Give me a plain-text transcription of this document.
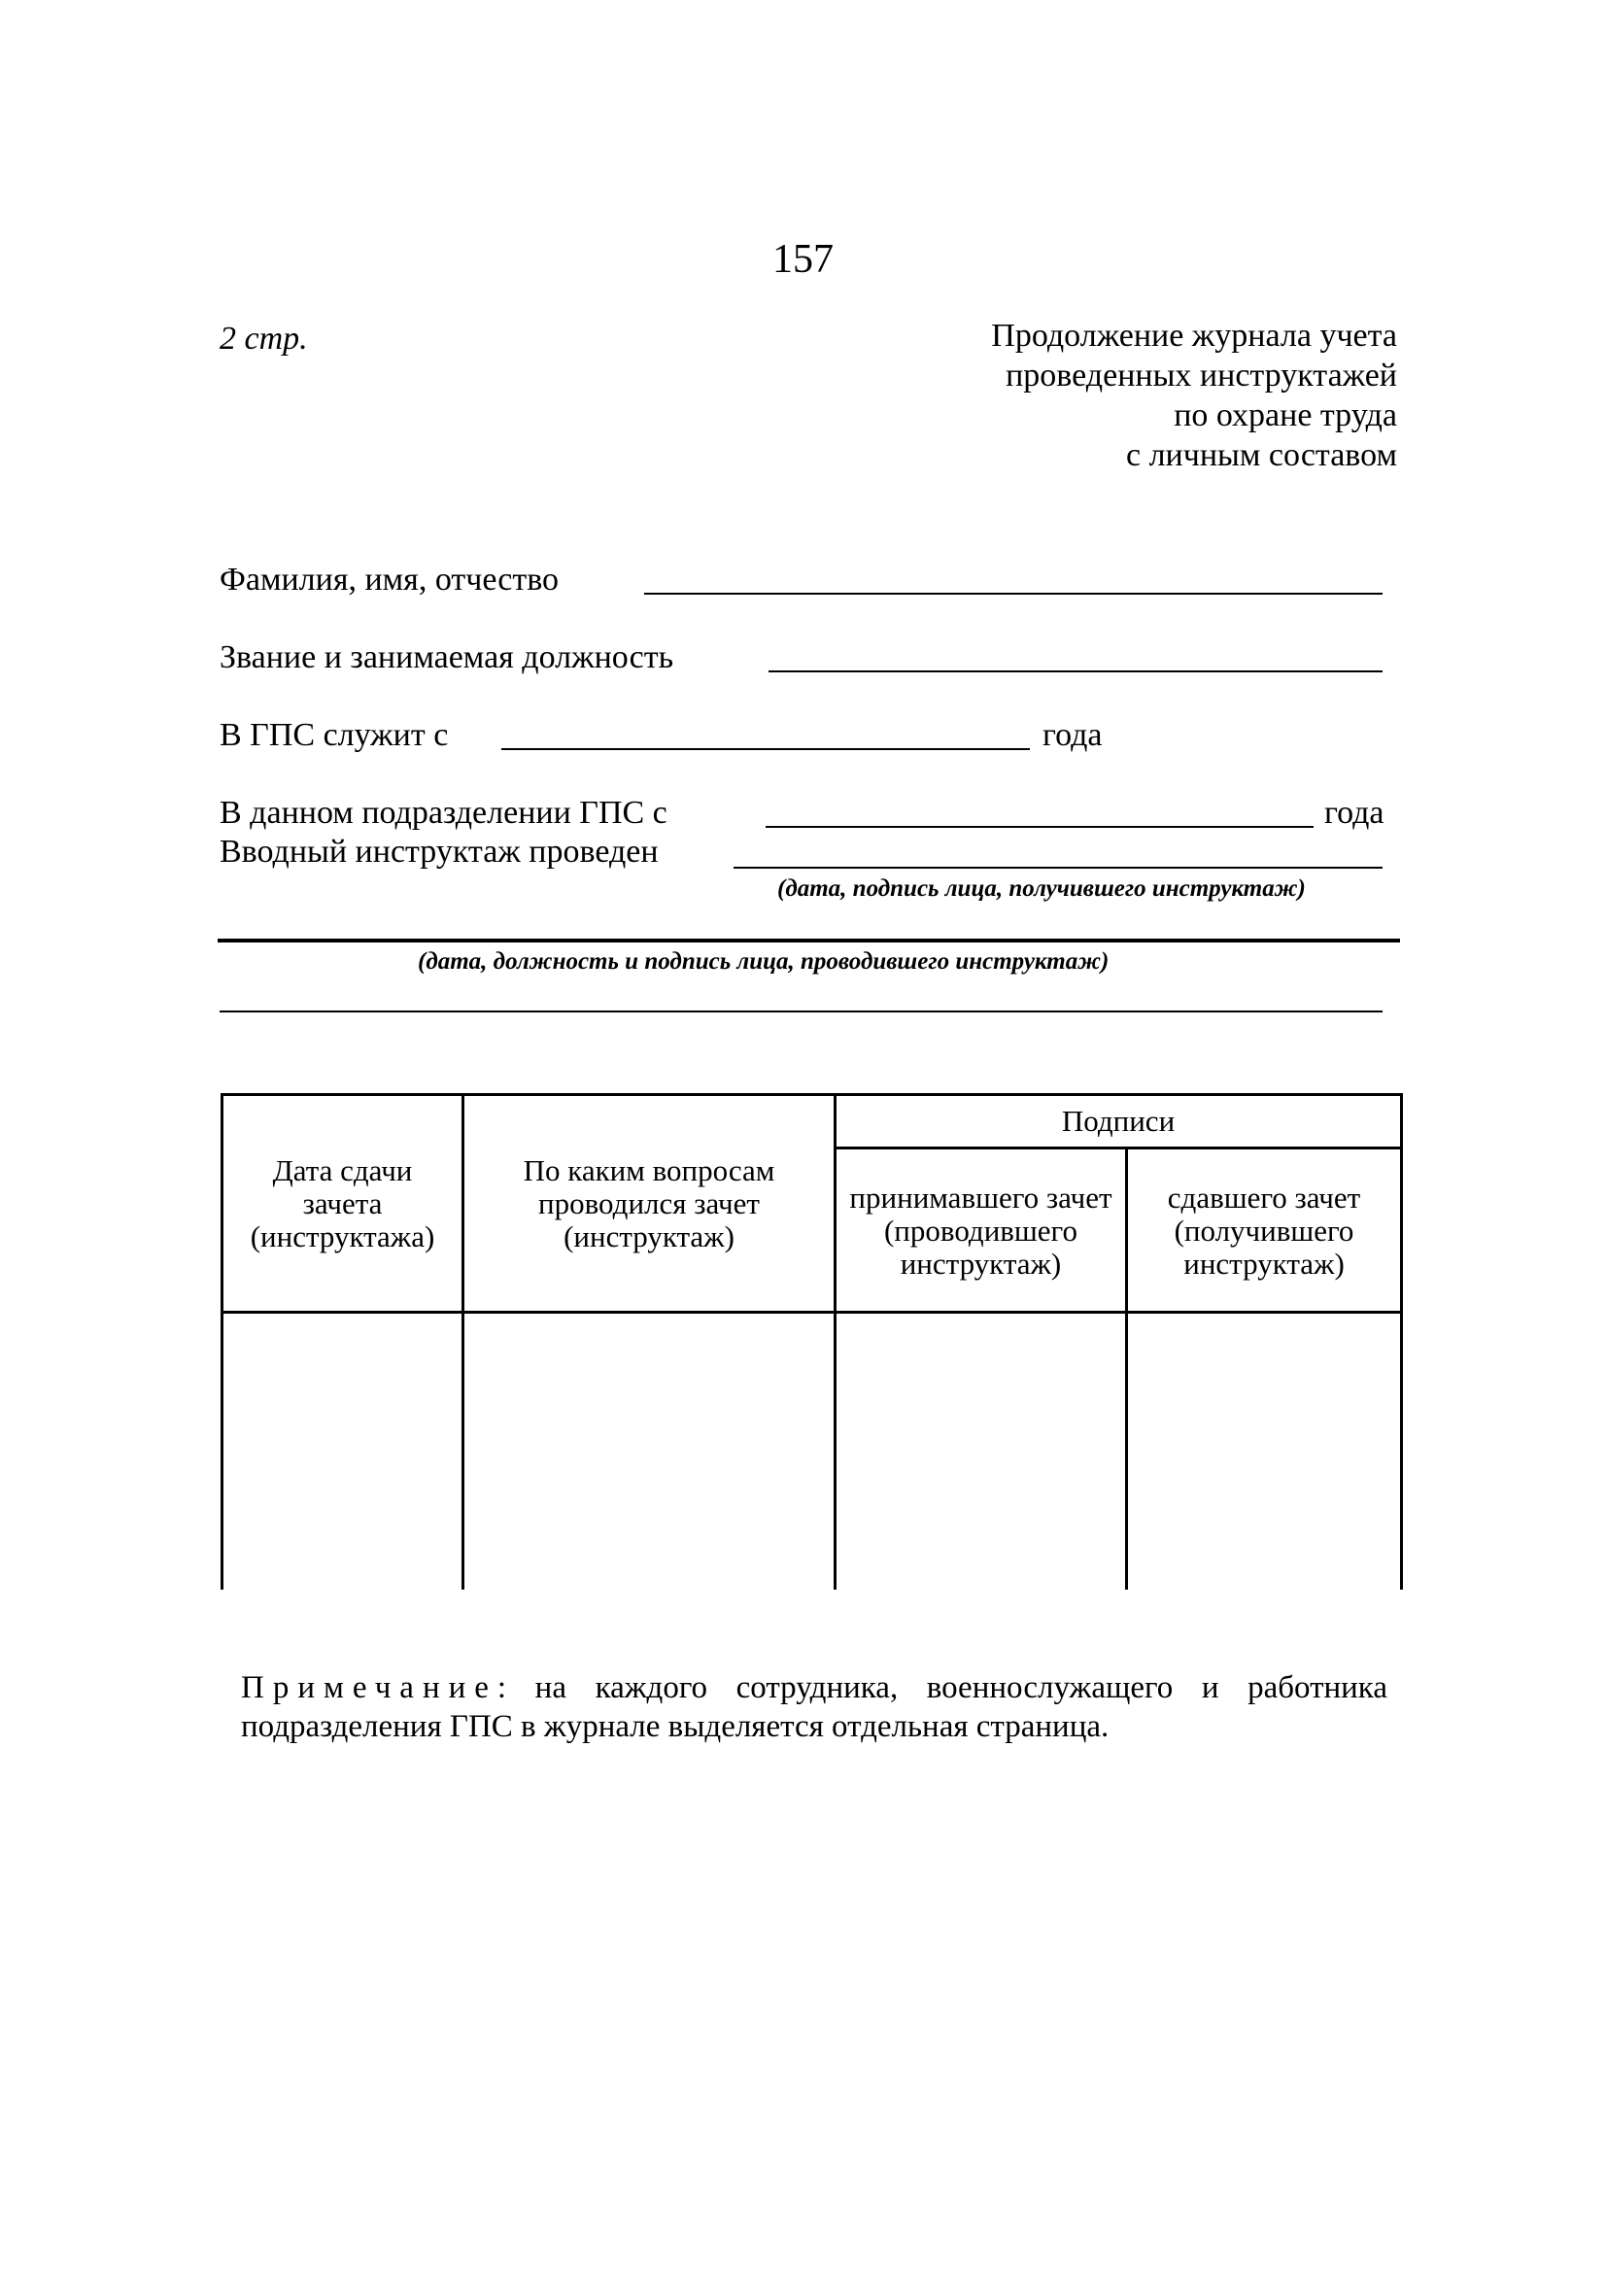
157
2 стр.	Продолжение журнала учета
проведенных инструктажей
по охране труда
с личным составом
Фамилия, имя, отчество
Звание и занимаемая должность
В ГПС служит с	года
В данном подразделении ГПС с	года
Вводный инструктаж проведен
(дата, подпись лица, получившего инструктаж)
(дата, должность и подпись лица, проводившего инструктаж)
Дата сдачи зачета (инструктажа)	По каким вопросам проводился зачет (инструктаж)	Подписи	
		принимавшего зачет (проводившего инструктаж)	сдавшего зачет (получившего инструктаж)

Примечание: на каждого сотрудника, военнослужащего и работника подразделения ГПС в журнале выделяется отдельная страница.
